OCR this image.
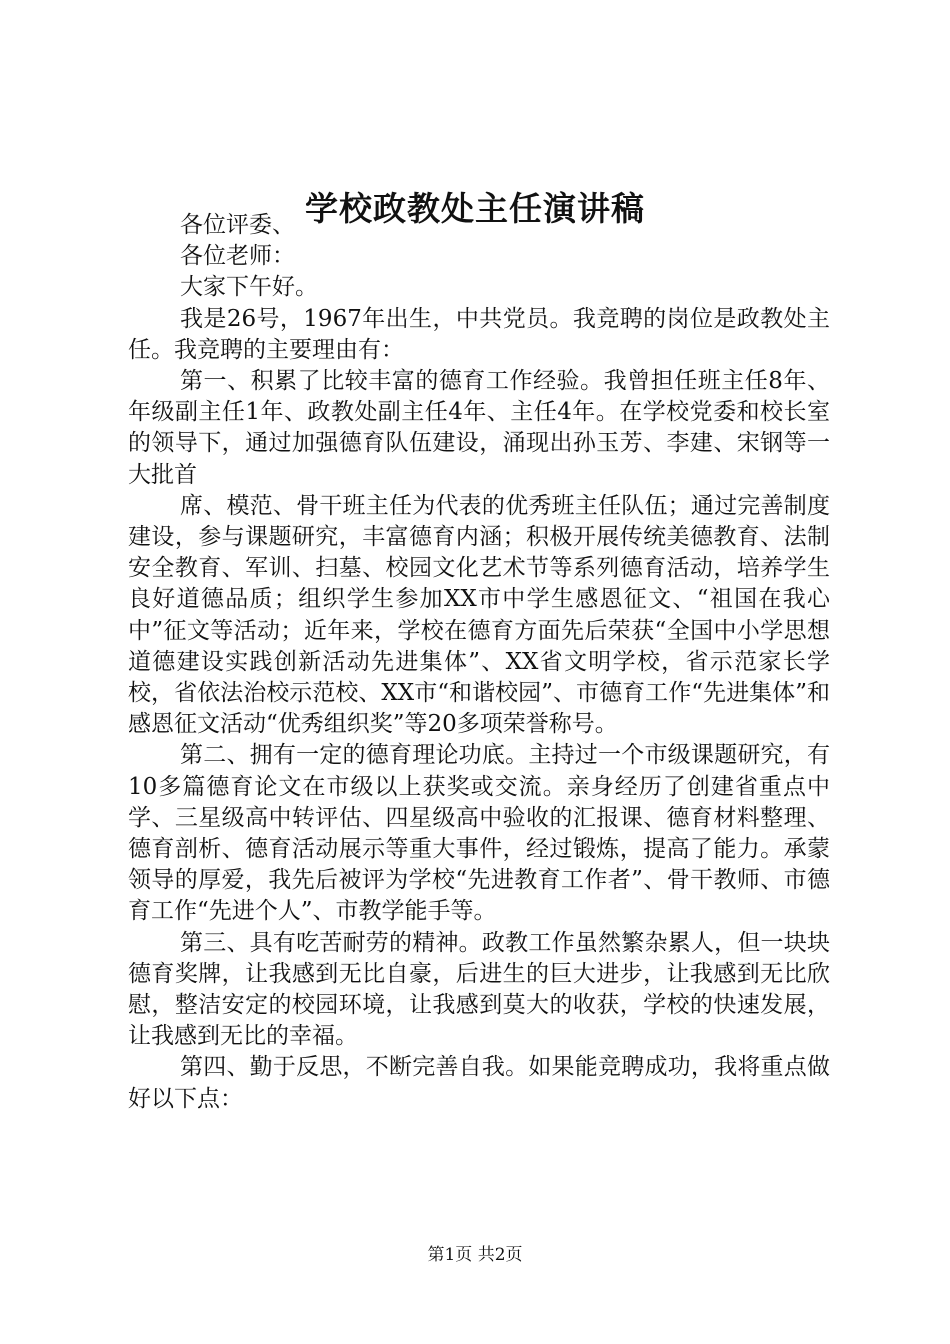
学校政教处主任演讲稿

各位评委、

各位老师：

大家下午好。

我是26号，1967年出生，中共党员。我竞聘的岗位是政教处主任。我竞聘的主要理由有：

第一、积累了比较丰富的德育工作经验。我曾担任班主任8年、年级副主任1年、政教处副主任4年、主任4年。在学校党委和校长室的领导下，通过加强德育队伍建设，涌现出孙玉芳、李建、宋钢等一大批首

席、模范、骨干班主任为代表的优秀班主任队伍；通过完善制度建设，参与课题研究，丰富德育内涵；积极开展传统美德教育、法制安全教育、军训、扫墓、校园文化艺术节等系列德育活动，培养学生良好道德品质；组织学生参加XX市中学生感恩征文、“祖国在我心中”征文等活动；近年来，学校在德育方面先后荣获“全国中小学思想道德建设实践创新活动先进集体”、XX省文明学校，省示范家长学校，省依法治校示范校、XX市“和谐校园”、市德育工作“先进集体”和感恩征文活动“优秀组织奖”等20多项荣誉称号。

第二、拥有一定的德育理论功底。主持过一个市级课题研究，有10多篇德育论文在市级以上获奖或交流。亲身经历了创建省重点中学、三星级高中转评估、四星级高中验收的汇报课、德育材料整理、德育剖析、德育活动展示等重大事件，经过锻炼，提高了能力。承蒙领导的厚爱，我先后被评为学校“先进教育工作者”、骨干教师、市德育工作“先进个人”、市教学能手等。

第三、具有吃苦耐劳的精神。政教工作虽然繁杂累人，但一块块德育奖牌，让我感到无比自豪，后进生的巨大进步，让我感到无比欣慰，整洁安定的校园环境，让我感到莫大的收获，学校的快速发展，让我感到无比的幸福。

第四、勤于反思，不断完善自我。如果能竞聘成功，我将重点做好以下点：

第1页 共2页
